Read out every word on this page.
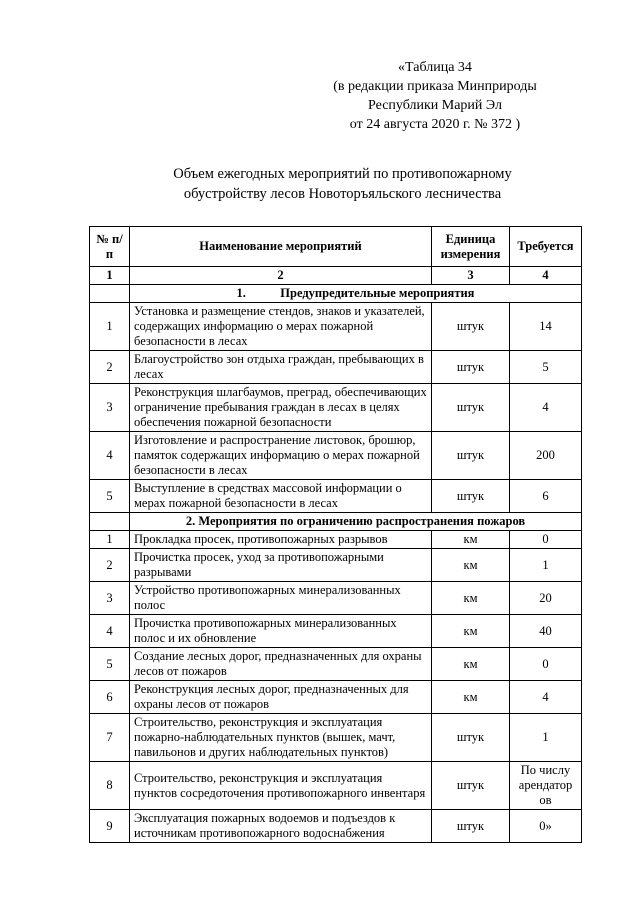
«Таблица 34
(в редакции приказа Минприроды
Республики Марий Эл
от 24 августа 2020 г. № 372 )
Объем ежегодных мероприятий по противопожарному
обустройству лесов Новоторъяльского лесничества
№ п/п	Наименование мероприятий	Единица измерения	Требуется
1	2	3	4
	1.           Предупредительные мероприятия		
1	Установка и размещение стендов, знаков и указателей, содержащих информацию о мерах пожарной безопасности в лесах	штук	14
2	Благоустройство зон отдыха граждан, пребывающих в лесах	штук	5
3	Реконструкция шлагбаумов, преград, обеспечивающих ограничение пребывания граждан в лесах в целях обеспечения пожарной безопасности	штук	4
4	Изготовление и распространение листовок, брошюр, памяток содержащих информацию о мерах пожарной безопасности в лесах	штук	200
5	Выступление в средствах массовой информации о мерах пожарной безопасности в лесах	штук	6
	2. Мероприятия по ограничению распространения пожаров		
1	Прокладка просек, противопожарных разрывов	км	0
2	Прочистка просек, уход за противопожарными разрывами	км	1
3	Устройство противопожарных минерализованных полос	км	20
4	Прочистка противопожарных минерализованных полос и их обновление	км	40
5	Создание лесных дорог, предназначенных для охраны лесов от пожаров	км	0
6	Реконструкция лесных дорог, предназначенных для охраны лесов от пожаров	км	4
7	Строительство, реконструкция и эксплуатация пожарно-наблюдательных пунктов (вышек, мачт, павильонов и других наблюдательных пунктов)	штук	1
8	Строительство, реконструкция и эксплуатация пунктов сосредоточения противопожарного инвентаря	штук	По числу арендатор ов
9	Эксплуатация пожарных водоемов и подъездов к источникам противопожарного водоснабжения	штук	0»
